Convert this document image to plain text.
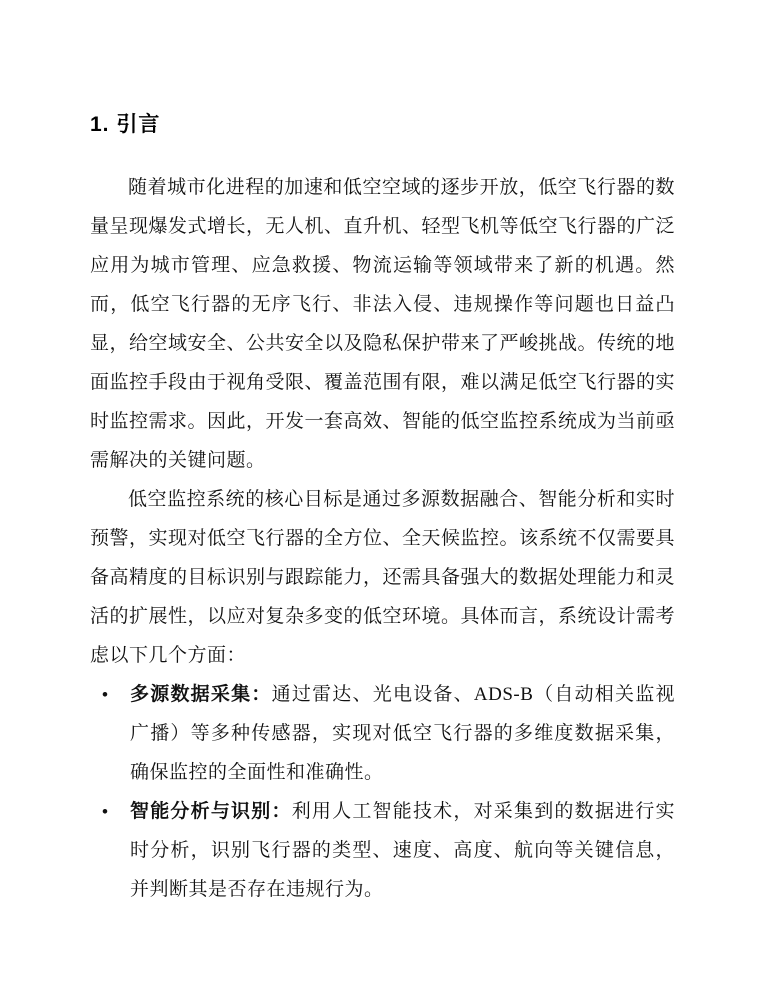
1. 引言

随着城市化进程的加速和低空空域的逐步开放，低空飞行器的数量呈现爆发式增长，无人机、直升机、轻型飞机等低空飞行器的广泛应用为城市管理、应急救援、物流运输等领域带来了新的机遇。然而，低空飞行器的无序飞行、非法入侵、违规操作等问题也日益凸显，给空域安全、公共安全以及隐私保护带来了严峻挑战。传统的地面监控手段由于视角受限、覆盖范围有限，难以满足低空飞行器的实时监控需求。因此，开发一套高效、智能的低空监控系统成为当前亟需解决的关键问题。

低空监控系统的核心目标是通过多源数据融合、智能分析和实时预警，实现对低空飞行器的全方位、全天候监控。该系统不仅需要具备高精度的目标识别与跟踪能力，还需具备强大的数据处理能力和灵活的扩展性，以应对复杂多变的低空环境。具体而言，系统设计需考虑以下几个方面：

• 多源数据采集：通过雷达、光电设备、ADS-B（自动相关监视广播）等多种传感器，实现对低空飞行器的多维度数据采集，确保监控的全面性和准确性。
• 智能分析与识别：利用人工智能技术，对采集到的数据进行实时分析，识别飞行器的类型、速度、高度、航向等关键信息，并判断其是否存在违规行为。
